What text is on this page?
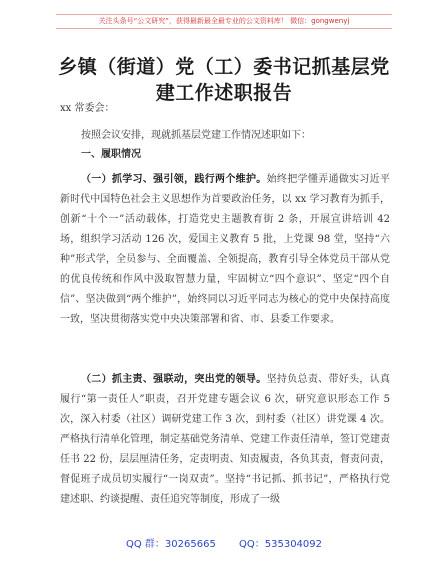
关注头条号“公文研究”，获得最新最全最专业的公文资料库！ 微信：gongwenyj
乡镇（街道）党（工）委书记抓基层党建工作述职报告
xx 常委会：
按照会议安排，现就抓基层党建工作情况述职如下：
一、履职情况
（一）抓学习、强引领，践行两个维护。始终把学懂弄通做实习近平新时代中国特色社会主义思想作为首要政治任务，以 xx 学习教育为抓手，创新“十个一”活动载体，打造党史主题教育街 2 条，开展宣讲培训 42 场，组织学习活动 126 次，爱国主义教育 5 批，上党课 98 堂，坚持“六种”形式学，全员参与、全面覆盖、全领提高，教育引导全体党员干部从党的优良传统和作风中汲取智慧力量，牢固树立“四个意识”、坚定“四个自信”、坚决做到“两个维护”，始终同以习近平同志为核心的党中央保持高度一致，坚决贯彻落实党中央决策部署和省、市、县委工作要求。
（二）抓主责、强联动，突出党的领导。坚持负总责、带好头，认真履行“第一责任人”职责，召开党建专题会议 6 次，研究意识形态工作 5 次，深入村委（社区）调研党建工作 3 次，到村委（社区）讲党课 4 次。严格执行清单化管理，制定基础党务清单、党建工作责任清单，签订党建责任书 22 份，层层厘清任务，定责明责、知责履责，各负其责，督责问责，督促班子成员切实履行“一岗双责”。坚持“书记抓、抓书记”，严格执行党建述职、约谈提醒、责任追究等制度，形成了一级
QQ 群：30265665 QQ：535304092
